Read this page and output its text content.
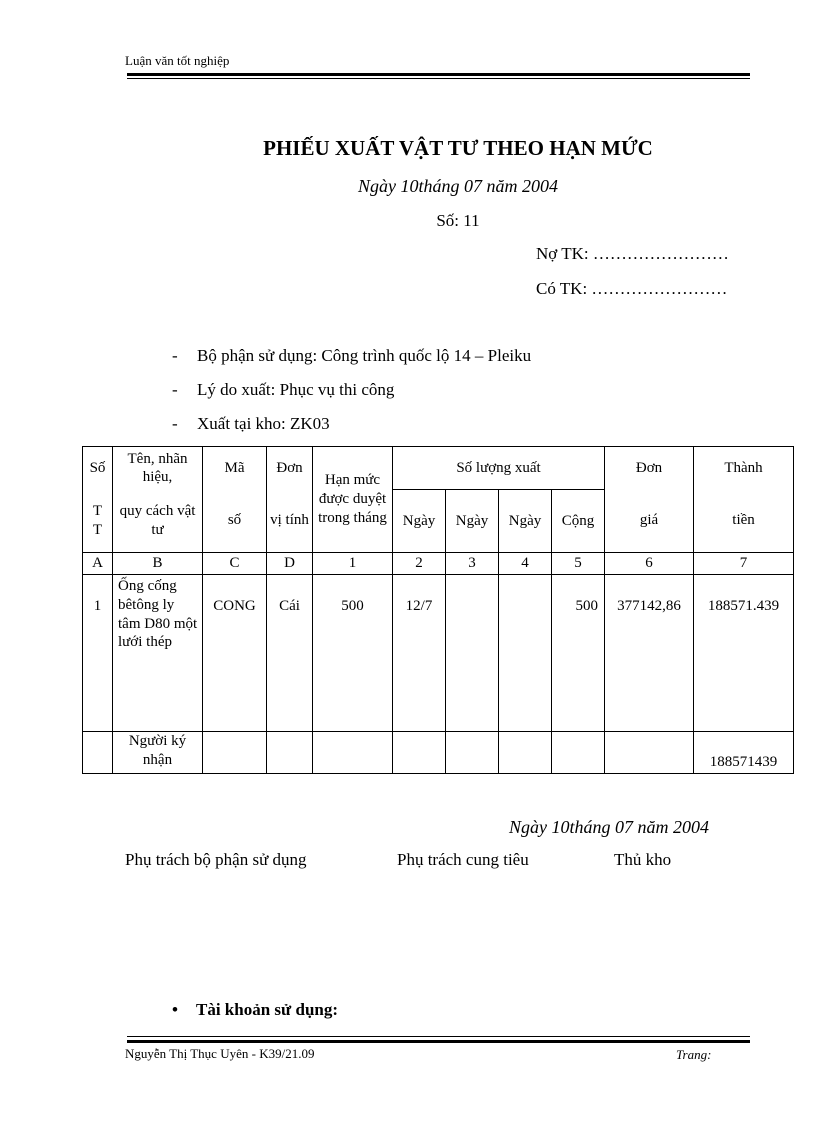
Luận văn tốt nghiệp
PHIẾU XUẤT VẬT TƯ THEO HẠN MỨC
Ngày 10tháng 07 năm 2004
Số: 11
Nợ TK: ……………………
Có TK: ……………………
- Bộ phận sử dụng: Công trình quốc lộ 14 – Pleiku
- Lý do xuất: Phục vụ thi công
- Xuất tại kho: ZK03
Số	Tên, nhãn hiệu,	Mã	Đơn	Hạn mức được duyệt trong tháng	Số lượng xuất				Đơn	Thành
T
T	quy cách vật tư	số	vị tính		Ngày	Ngày	Ngày	Cộng	giá	tiền
A	B	C	D	1	2	3	4	5	6	7
1	Ống cống bêtông ly tâm D80 một lưới thép	CONG	Cái	500	12/7			500	377142,86	188571.439
	Người ký nhận									188571439
Ngày 10tháng 07 năm 2004
Phụ trách bộ phận sử dụng	Phụ trách cung tiêu	Thủ kho
• Tài khoản sử dụng:
Nguyễn Thị Thục Uyên - K39/21.09	Trang:
